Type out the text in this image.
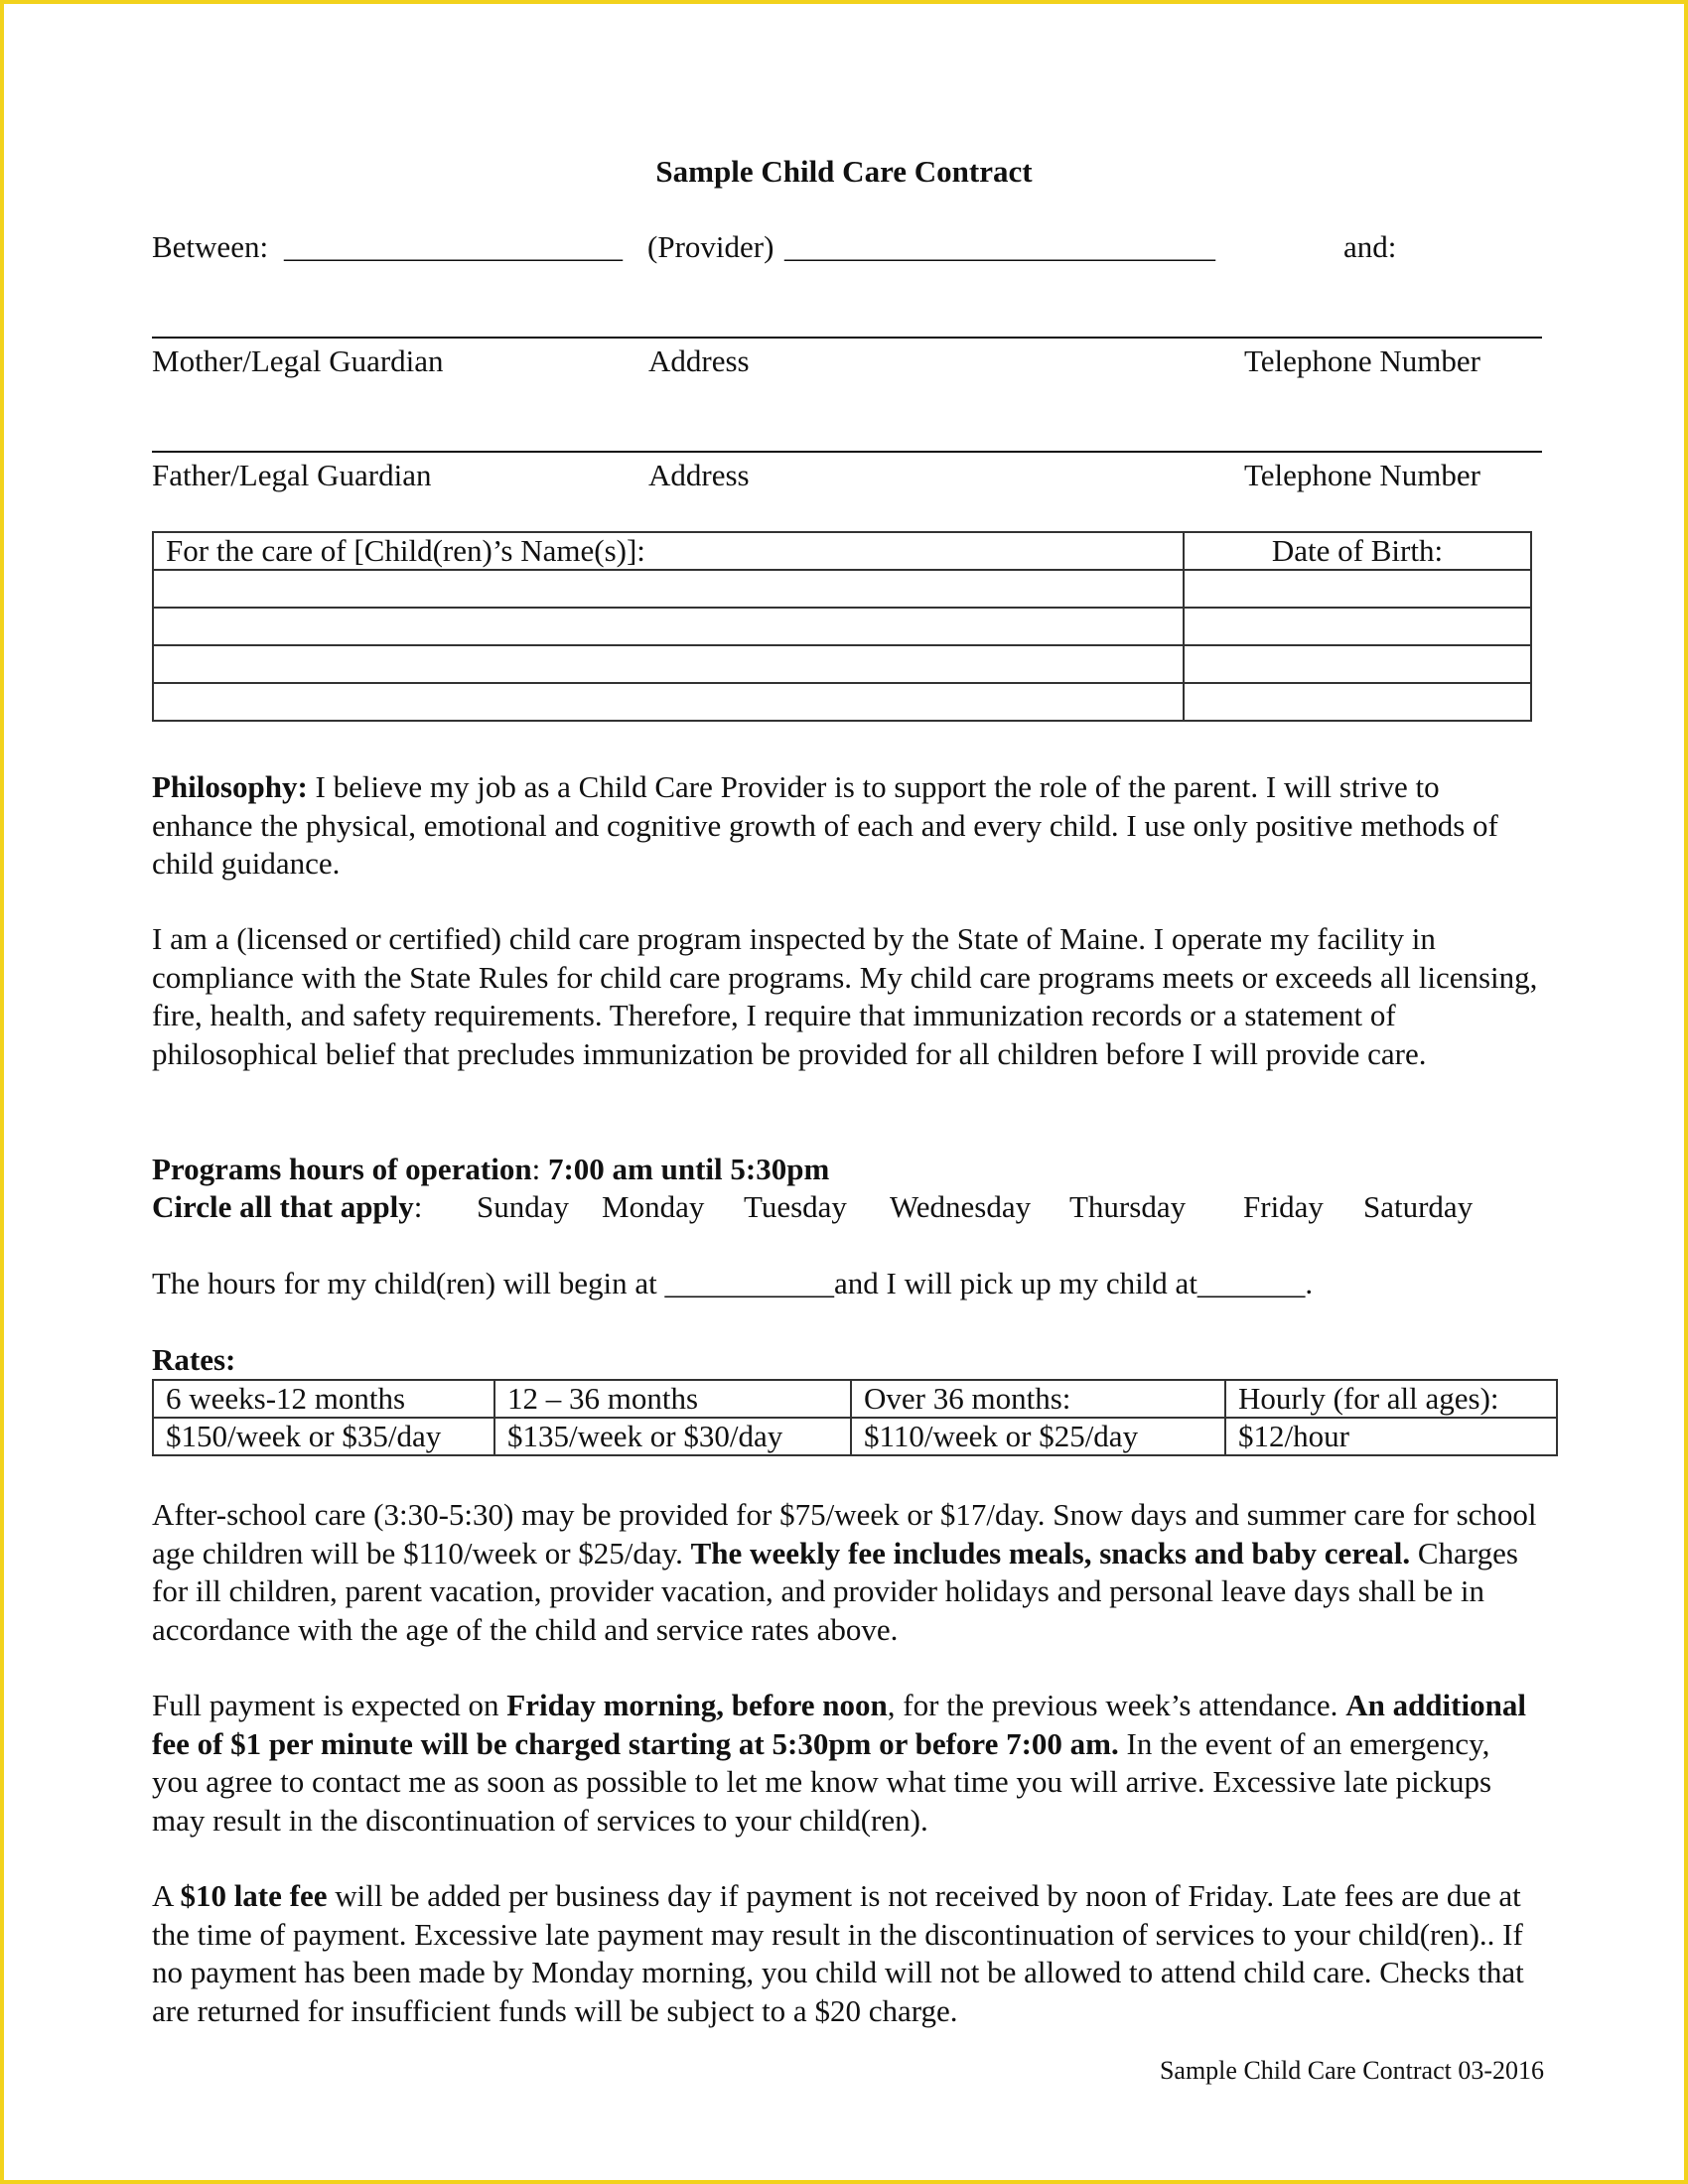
Sample Child Care Contract
Between: ______________________ (Provider) ____________________________	and:
Mother/Legal Guardian	Address	Telephone Number
Father/Legal Guardian	Address	Telephone Number
For the care of [Child(ren)’s Name(s)]:	Date of Birth:

Philosophy: I believe my job as a Child Care Provider is to support the role of the parent. I will strive to enhance the physical, emotional and cognitive growth of each and every child. I use only positive methods of child guidance.
I am a (licensed or certified) child care program inspected by the State of Maine. I operate my facility in compliance with the State Rules for child care programs. My child care programs meets or exceeds all licensing, fire, health, and safety requirements. Therefore, I require that immunization records or a statement of philosophical belief that precludes immunization be provided for all children before I will provide care.
Programs hours of operation: 7:00 am until 5:30pm
Circle all that apply: Sunday Monday Tuesday Wednesday Thursday Friday Saturday
The hours for my child(ren) will begin at ___________and I will pick up my child at_______.
Rates:
6 weeks-12 months	12 – 36 months	Over 36 months:	Hourly (for all ages):
$150/week or $35/day	$135/week or $30/day	$110/week or $25/day	$12/hour
After-school care (3:30-5:30) may be provided for $75/week or $17/day. Snow days and summer care for school age children will be $110/week or $25/day. The weekly fee includes meals, snacks and baby cereal. Charges for ill children, parent vacation, provider vacation, and provider holidays and personal leave days shall be in accordance with the age of the child and service rates above.
Full payment is expected on Friday morning, before noon, for the previous week’s attendance. An additional fee of $1 per minute will be charged starting at 5:30pm or before 7:00 am. In the event of an emergency, you agree to contact me as soon as possible to let me know what time you will arrive. Excessive late pickups may result in the discontinuation of services to your child(ren).
A $10 late fee will be added per business day if payment is not received by noon of Friday. Late fees are due at the time of payment. Excessive late payment may result in the discontinuation of services to your child(ren).. If no payment has been made by Monday morning, you child will not be allowed to attend child care. Checks that are returned for insufficient funds will be subject to a $20 charge.
Sample Child Care Contract 03-2016
